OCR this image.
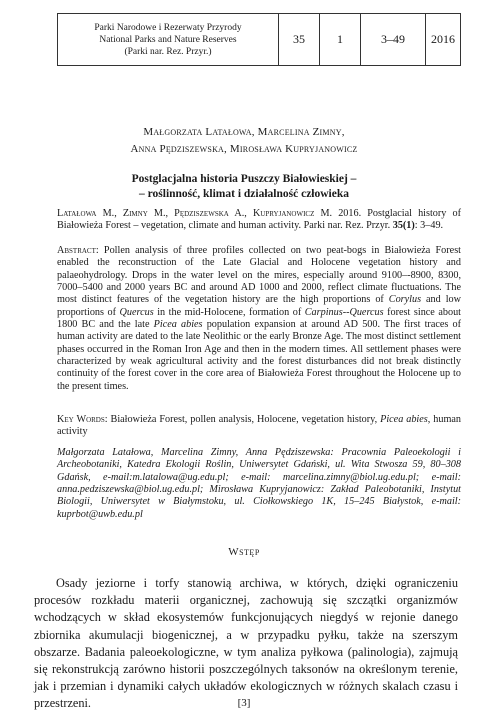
Parki Narodowe i Rezerwaty Przyrody
National Parks and Nature Reserves
(Parki nar. Rez. Przyr.)
35	1	3–49	2016
Małgorzata Latałowa, Marcelina Zimny,
Anna Pędziszewska, Mirosława Kupryjanowicz
Postglacjalna historia Puszczy Białowieskiej –
– roślinność, klimat i działalność człowieka
Latałowa M., Zimny M., Pędziszewska A., Kupryjanowicz M. 2016. Postglacial history of Białowieża Forest – vegetation, climate and human activity. Parki nar. Rez. Przyr. 35(1): 3–49.
Abstract: Pollen analysis of three profiles collected on two peat-bogs in Białowieża Forest enabled the reconstruction of the Late Glacial and Holocene vegetation history and palaeohydrology. Drops in the water level on the mires, especially around 9100–‑8900, 8300, 7000–5400 and 2000 years BC and around AD 1000 and 2000, reflect climate fluctuations. The most distinct features of the vegetation history are the high proportions of Corylus and low proportions of Quercus in the mid-Holocene, formation of Carpinus-‑Quercus forest since about 1800 BC and the late Picea abies population expansion at around AD 500. The first traces of human activity are dated to the late Neolithic or the early Bronze Age. The most distinct settlement phases occurred in the Roman Iron Age and then in the modern times. All settlement phases were characterized by weak agricultural activity and the forest disturbances did not break distinctly continuity of the forest cover in the core area of Białowieża Forest throughout the Holocene up to the present times.
Key Words: Białowieża Forest, pollen analysis, Holocene, vegetation history, Picea abies, human activity
Małgorzata Latałowa, Marcelina Zimny, Anna Pędziszewska: Pracownia Paleoekologii i Archeobotaniki, Katedra Ekologii Roślin, Uniwersytet Gdański, ul. Wita Stwosza 59, 80–308 Gdańsk, e-mail:m.latalowa@ug.edu.pl; e-mail: marcelina.zimny@biol.ug.edu.pl; e-mail: anna.pedziszewska@biol.ug.edu.pl; Mirosława Kupryjanowicz: Zakład Paleobotaniki, Instytut Biologii, Uniwersytet w Białymstoku, ul. Ciołkowskiego 1K, 15–245 Białystok, e-mail: kuprbot@uwb.edu.pl
Wstęp
Osady jeziorne i torfy stanowią archiwa, w których, dzięki ograniczeniu procesów rozkładu materii organicznej, zachowują się szczątki organizmów wchodzących w skład ekosystemów funkcjonujących niegdyś w rejonie danego zbiornika akumulacji biogenicznej, a w przypadku pyłku, także na szerszym obszarze. Badania paleoekologiczne, w tym analiza pyłkowa (palinologia), zajmują się rekonstrukcją zarówno historii poszczególnych taksonów na określonym terenie, jak i przemian i dynamiki całych układów ekologicznych w różnych skalach czasu i przestrzeni.	[3]
